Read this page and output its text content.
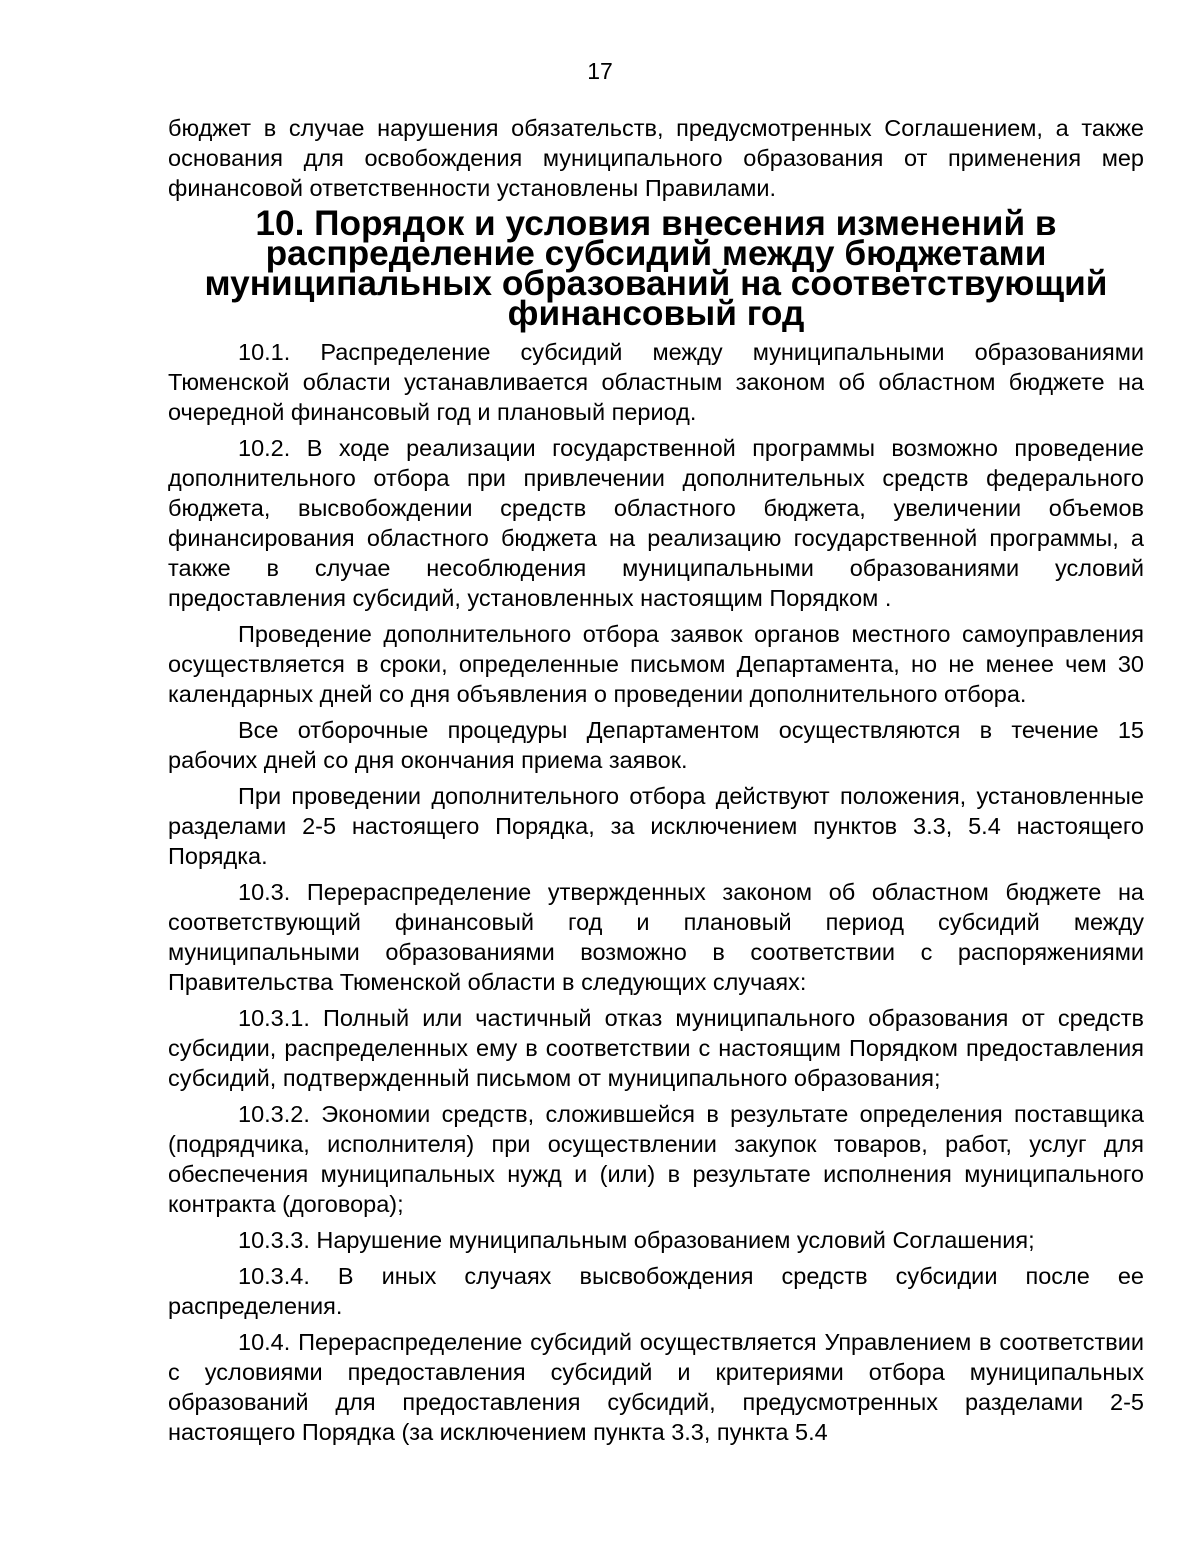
17

бюджет в случае нарушения обязательств, предусмотренных Соглашением, а также основания для освобождения муниципального образования от применения мер финансовой ответственности установлены Правилами.

10. Порядок и условия внесения изменений в распределение субсидий между бюджетами муниципальных образований на соответствующий финансовый год

10.1. Распределение субсидий между муниципальными образованиями Тюменской области устанавливается областным законом об областном бюджете на очередной финансовый год и плановый период.

10.2. В ходе реализации государственной программы возможно проведение дополнительного отбора при привлечении дополнительных средств федерального бюджета, высвобождении средств областного бюджета, увеличении объемов финансирования областного бюджета на реализацию государственной программы, а также в случае несоблюдения муниципальными образованиями условий предоставления субсидий, установленных настоящим Порядком .

Проведение дополнительного отбора заявок органов местного самоуправления осуществляется в сроки, определенные письмом Департамента, но не менее чем 30 календарных дней со дня объявления о проведении дополнительного отбора.

Все отборочные процедуры Департаментом осуществляются в течение 15 рабочих дней со дня окончания приема заявок.

При проведении дополнительного отбора действуют положения, установленные разделами 2-5 настоящего Порядка, за исключением пунктов 3.3, 5.4 настоящего Порядка.

10.3. Перераспределение утвержденных законом об областном бюджете на соответствующий финансовый год и плановый период субсидий между муниципальными образованиями возможно в соответствии с распоряжениями Правительства Тюменской области в следующих случаях:

10.3.1. Полный или частичный отказ муниципального образования от средств субсидии, распределенных ему в соответствии с настоящим Порядком предоставления субсидий, подтвержденный письмом от муниципального образования;

10.3.2. Экономии средств, сложившейся в результате определения поставщика (подрядчика, исполнителя) при осуществлении закупок товаров, работ, услуг для обеспечения муниципальных нужд и (или) в результате исполнения муниципального контракта (договора);

10.3.3. Нарушение муниципальным образованием условий Соглашения;

10.3.4. В иных случаях высвобождения средств субсидии после ее распределения.

10.4. Перераспределение субсидий осуществляется Управлением в соответствии с условиями предоставления субсидий и критериями отбора муниципальных образований для предоставления субсидий, предусмотренных разделами 2-5 настоящего Порядка (за исключением пункта 3.3, пункта 5.4
